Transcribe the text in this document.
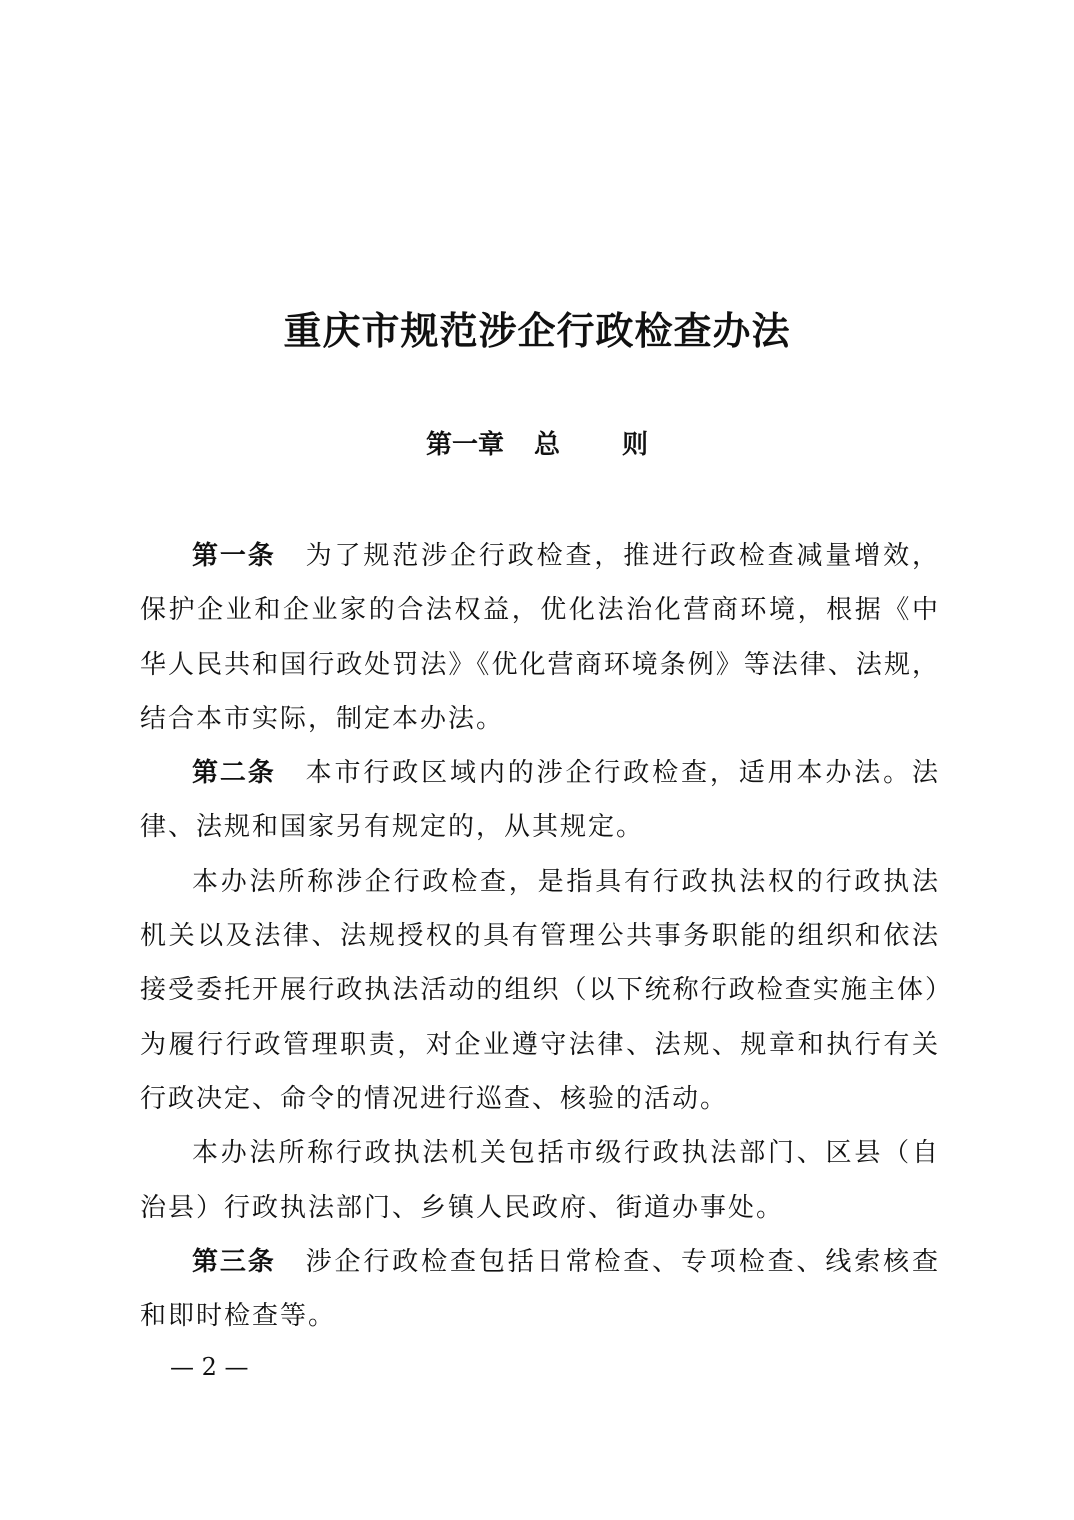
重庆市规范涉企行政检查办法
第一章 总 则

第一条 为了规范涉企行政检查，推进行政检查减量增效，保护企业和企业家的合法权益，优化法治化营商环境，根据《中华人民共和国行政处罚法》《优化营商环境条例》等法律、法规，结合本市实际，制定本办法。

第二条 本市行政区域内的涉企行政检查，适用本办法。法律、法规和国家另有规定的，从其规定。

本办法所称涉企行政检查，是指具有行政执法权的行政执法机关以及法律、法规授权的具有管理公共事务职能的组织和依法接受委托开展行政执法活动的组织（以下统称行政检查实施主体）为履行行政管理职责，对企业遵守法律、法规、规章和执行有关行政决定、命令的情况进行巡查、核验的活动。

本办法所称行政执法机关包括市级行政执法部门、区县（自治县）行政执法部门、乡镇人民政府、街道办事处。

第三条 涉企行政检查包括日常检查、专项检查、线索核查和即时检查等。

— 2 —
